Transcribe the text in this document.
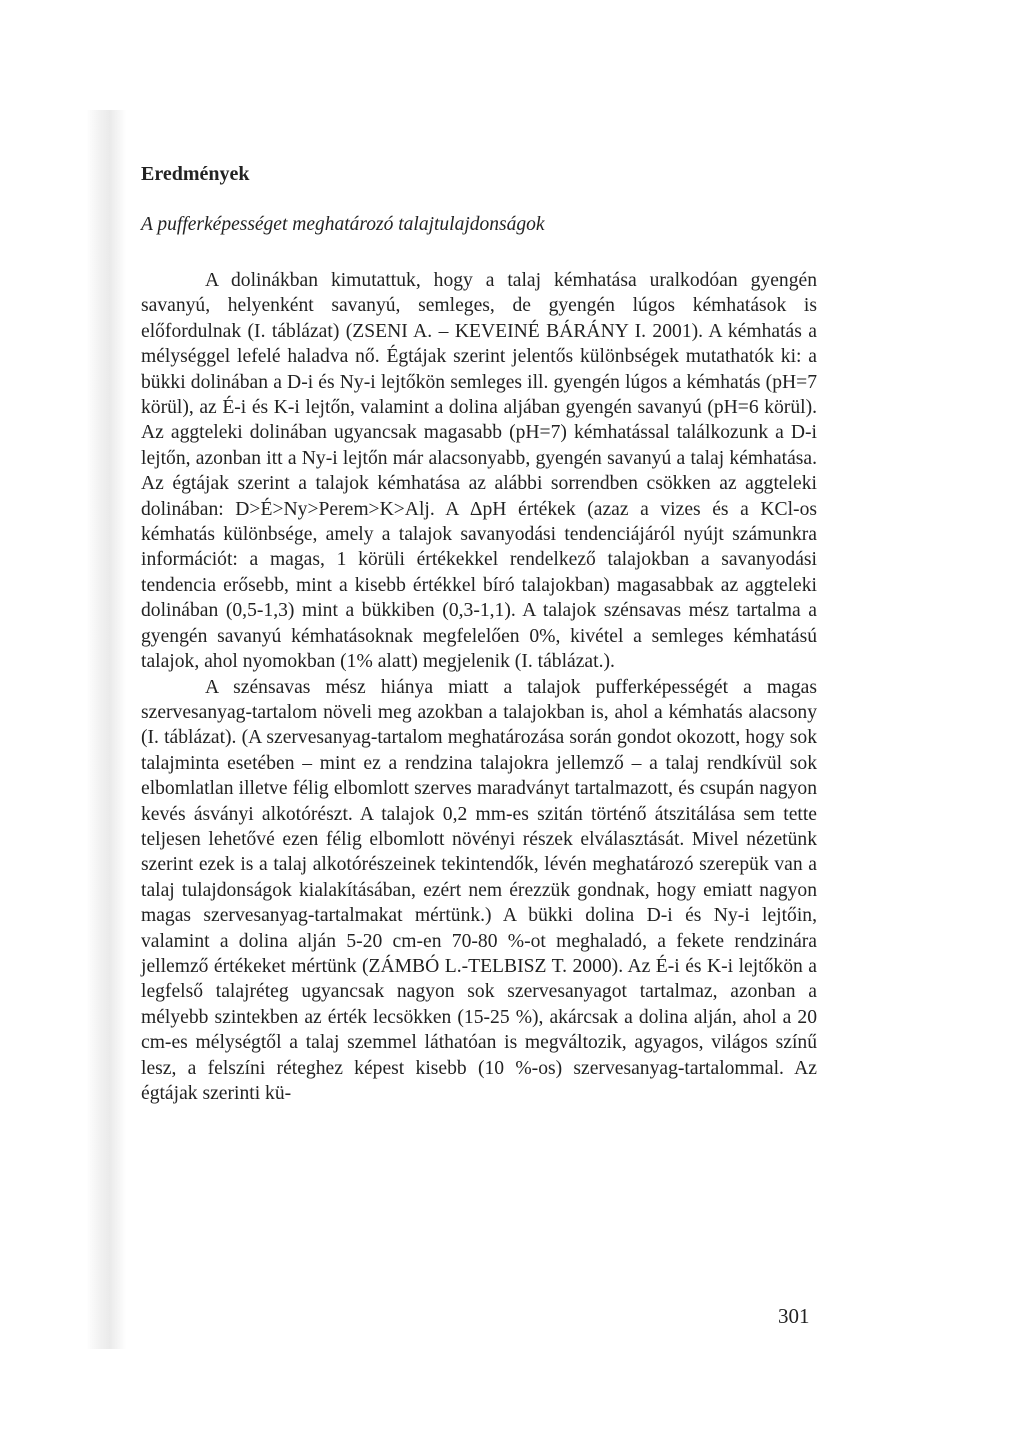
Eredmények
A pufferképességet meghatározó talajtulajdonságok

A dolinákban kimutattuk, hogy a talaj kémhatása uralkodóan gyengén savanyú, helyenként savanyú, semleges, de gyengén lúgos kémhatások is előfordulnak (I. táblázat) (ZSENI A. – KEVEINÉ BÁRÁNY I. 2001). A kémhatás a mélységgel lefelé haladva nő. Égtájak szerint jelentős különbségek mutathatók ki: a bükki dolinában a D-i és Ny-i lejtőkön semleges ill. gyengén lúgos a kémhatás (pH=7 körül), az É-i és K-i lejtőn, valamint a dolina aljában gyengén savanyú (pH=6 körül). Az aggteleki dolinában ugyancsak magasabb (pH=7) kémhatással találkozunk a D-i lejtőn, azonban itt a Ny-i lejtőn már alacsonyabb, gyengén savanyú a talaj kémhatása. Az égtájak szerint a talajok kémhatása az alábbi sorrendben csökken az aggteleki dolinában: D>É>Ny>Perem>K>Alj. A ΔpH értékek (azaz a vizes és a KCl-os kémhatás különbsége, amely a talajok savanyodási tendenciájáról nyújt számunkra információt: a magas, 1 körüli értékekkel rendelkező talajokban a savanyodási tendencia erősebb, mint a kisebb értékkel bíró talajokban) magasabbak az aggteleki dolinában (0,5-1,3) mint a bükkiben (0,3-1,1). A talajok szénsavas mész tartalma a gyengén savanyú kémhatásoknak megfelelően 0%, kivétel a semleges kémhatású talajok, ahol nyomokban (1% alatt) megjelenik (I. táblázat.).

A szénsavas mész hiánya miatt a talajok pufferképességét a magas szervesanyag-tartalom növeli meg azokban a talajokban is, ahol a kémhatás alacsony (I. táblázat). (A szervesanyag-tartalom meghatározása során gondot okozott, hogy sok talajminta esetében – mint ez a rendzina talajokra jellemző – a talaj rendkívül sok elbomlatlan illetve félig elbomlott szerves maradványt tartalmazott, és csupán nagyon kevés ásványi alkotórészt. A talajok 0,2 mm-es szitán történő átszitálása sem tette teljesen lehetővé ezen félig elbomlott növényi részek elválasztását. Mivel nézetünk szerint ezek is a talaj alkotórészeinek tekintendők, lévén meghatározó szerepük van a talaj tulajdonságok kialakításában, ezért nem érezzük gondnak, hogy emiatt nagyon magas szervesanyag-tartalmakat mértünk.) A bükki dolina D-i és Ny-i lejtőin, valamint a dolina alján 5-20 cm-en 70-80 %-ot meghaladó, a fekete rendzinára jellemző értékeket mértünk (ZÁMBÓ L.-TELBISZ T. 2000). Az É-i és K-i lejtőkön a legfelső talajréteg ugyancsak nagyon sok szervesanyagot tartalmaz, azonban a mélyebb szintekben az érték lecsökken (15-25 %), akárcsak a dolina alján, ahol a 20 cm-es mélységtől a talaj szemmel láthatóan is megváltozik, agyagos, világos színű lesz, a felszíni réteghez képest kisebb (10 %-os) szervesanyag-tartalommal. Az égtájak szerinti kü-

301
